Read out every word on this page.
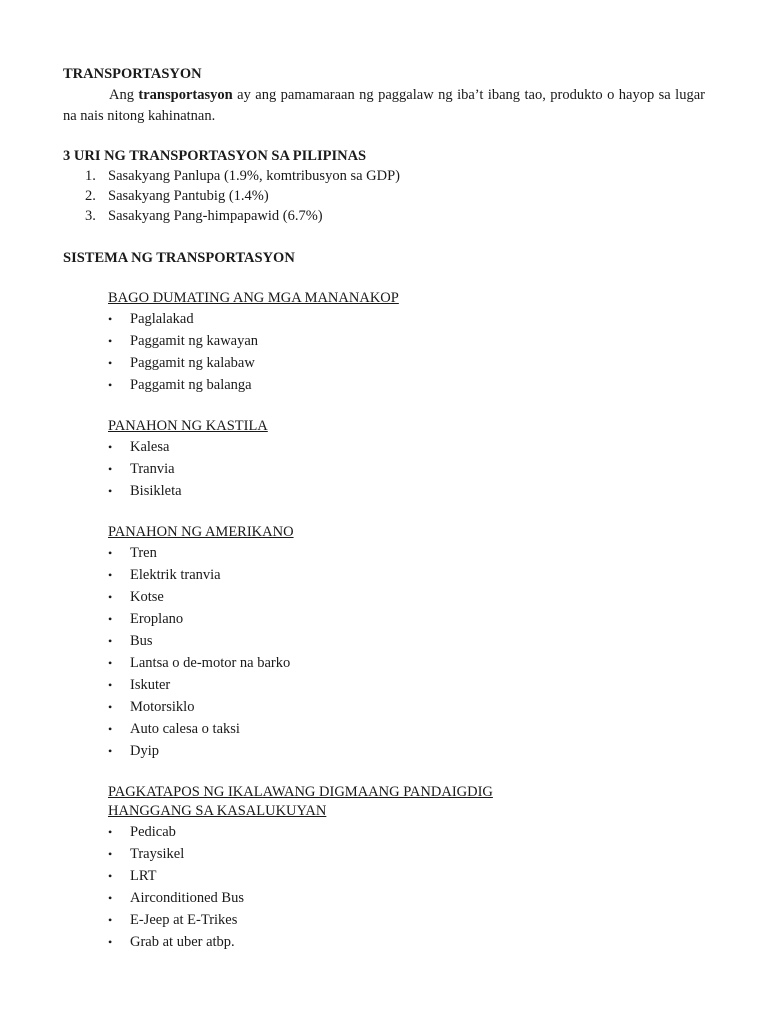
TRANSPORTASYON

Ang transportasyon ay ang pamamaraan ng paggalaw ng iba’t ibang tao, produkto o hayop sa lugar na nais nitong kahinatnan.

3 URI NG TRANSPORTASYON SA PILIPINAS

1. Sasakyang Panlupa (1.9%, komtribusyon sa GDP)
2. Sasakyang Pantubig (1.4%)
3. Sasakyang Pang-himpapawid (6.7%)

SISTEMA NG TRANSPORTASYON

BAGO DUMATING ANG MGA MANANAKOP

• Paglalakad
• Paggamit ng kawayan
• Paggamit ng kalabaw
• Paggamit ng balanga

PANAHON NG KASTILA

• Kalesa
• Tranvia
• Bisikleta

PANAHON NG AMERIKANO

• Tren
• Elektrik tranvia
• Kotse
• Eroplano
• Bus
• Lantsa o de-motor na barko
• Iskuter
• Motorsiklo
• Auto calesa o taksi
• Dyip

PAGKATAPOS NG IKALAWANG DIGMAANG PANDAIGDIG

HANGGANG SA KASALUKUYAN

• Pedicab
• Traysikel
• LRT
• Airconditioned Bus
• E-Jeep at E-Trikes
• Grab at uber atbp.
